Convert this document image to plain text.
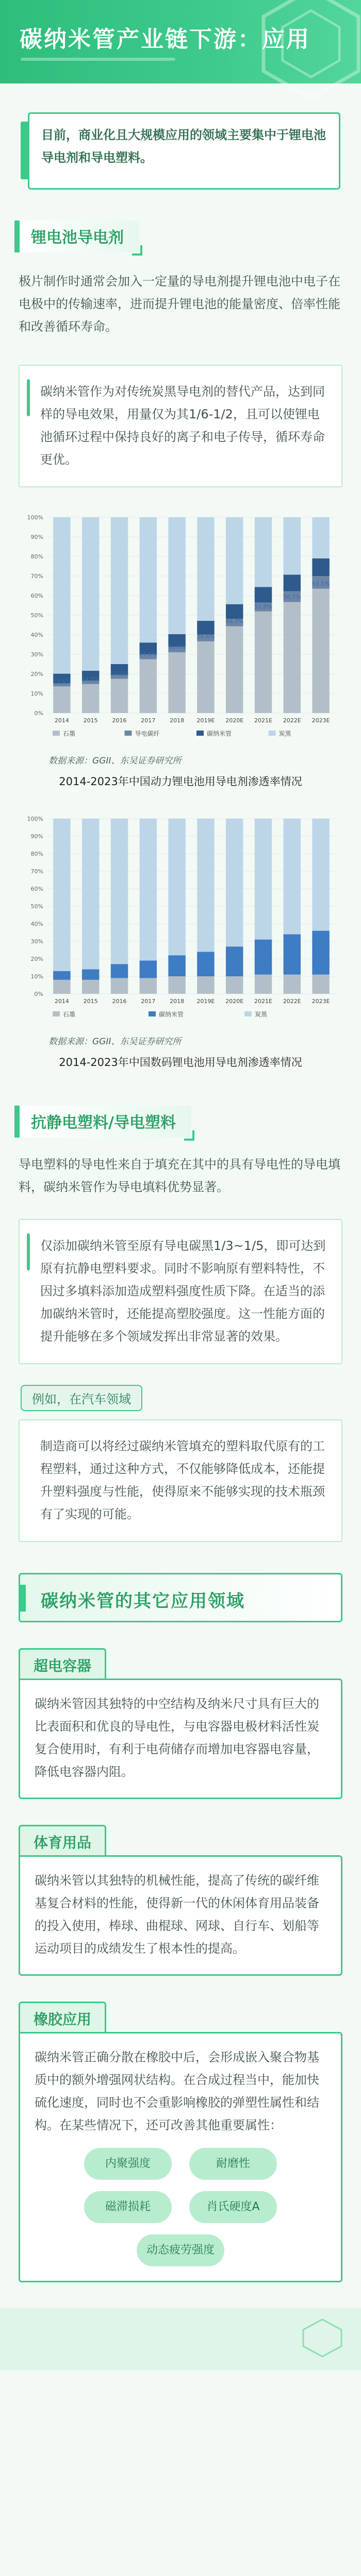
碳纳米管产业链下游：应用

目前，商业化且大规模应用的领域主要集中于锂电池导电剂和导电塑料。

锂电池导电剂

极片制作时通常会加入一定量的导电剂提升锂电池中电子在电极中的传输速率，进而提升锂电池的能量密度、倍率性能和改善循环寿命。

碳纳米管作为对传统炭黑导电剂的替代产品，达到同样的导电效果，用量仅为其1/6-1/2，且可以使锂电池循环过程中保持良好的离子和电子传导，循环寿命更优。

0%
10%
20%
30%
40%
50%
60%
70%
80%
90%
100%
13.6%
2014
14.8%
2015
17.5%
2016
27.5%
2017
31.0%
2018
36.6%
2019E
44.3%
2020E
51.9%
2021E
56.7%
2022E
63.5%
2023E
石墨	导电碳纤	碳纳米管	炭黑
数据来源：GGII、东吴证券研究所
2014-2023年中国动力锂电池用导电剂渗透率情况
0%
10%
20%
30%
40%
50%
60%
70%
80%
90%
100%
2014	2015	2016	2017	2018 2019E 2020E 2021E 2022E 2023E
石墨	碳纳米管	炭黑
数据来源：GGII、东吴证券研究所
2014-2023年中国数码锂电池用导电剂渗透率情况
抗静电塑料/导电塑料

导电塑料的导电性来自于填充在其中的具有导电性的导电填料，碳纳米管作为导电填料优势显著。

仅添加碳纳米管至原有导电碳黑1/3~1/5，即可达到原有抗静电塑料要求。同时不影响原有塑料特性，不因过多填料添加造成塑料强度性质下降。在适当的添加碳纳米管时，还能提高塑胶强度。这一性能方面的提升能够在多个领域发挥出非常显著的效果。

例如，在汽车领域

制造商可以将经过碳纳米管填充的塑料取代原有的工程塑料，通过这种方式，不仅能够降低成本，还能提升塑料强度与性能，使得原来不能够实现的技术瓶颈有了实现的可能。

碳纳米管的其它应用领域
超电容器
碳纳米管因其独特的中空结构及纳米尺寸具有巨大的比表面积和优良的导电性，与电容器电极材料活性炭复合使用时，有利于电荷储存而增加电容器电容量，降低电容器内阻。
体育用品
碳纳米管以其独特的机械性能，提高了传统的碳纤维基复合材料的性能，使得新一代的休闲体育用品装备的投入使用，棒球、曲棍球、网球、自行车、划船等运动项目的成绩发生了根本性的提高。
橡胶应用

碳纳米管正确分散在橡胶中后，会形成嵌入聚合物基质中的额外增强网状结构。在合成过程当中，能加快硫化速度，同时也不会重影响橡胶的弹塑性属性和结构。在某些情况下，还可改善其他重要属性：

内聚强度	耐磨性
磁滞损耗	肖氏硬度A
动态疲劳强度
